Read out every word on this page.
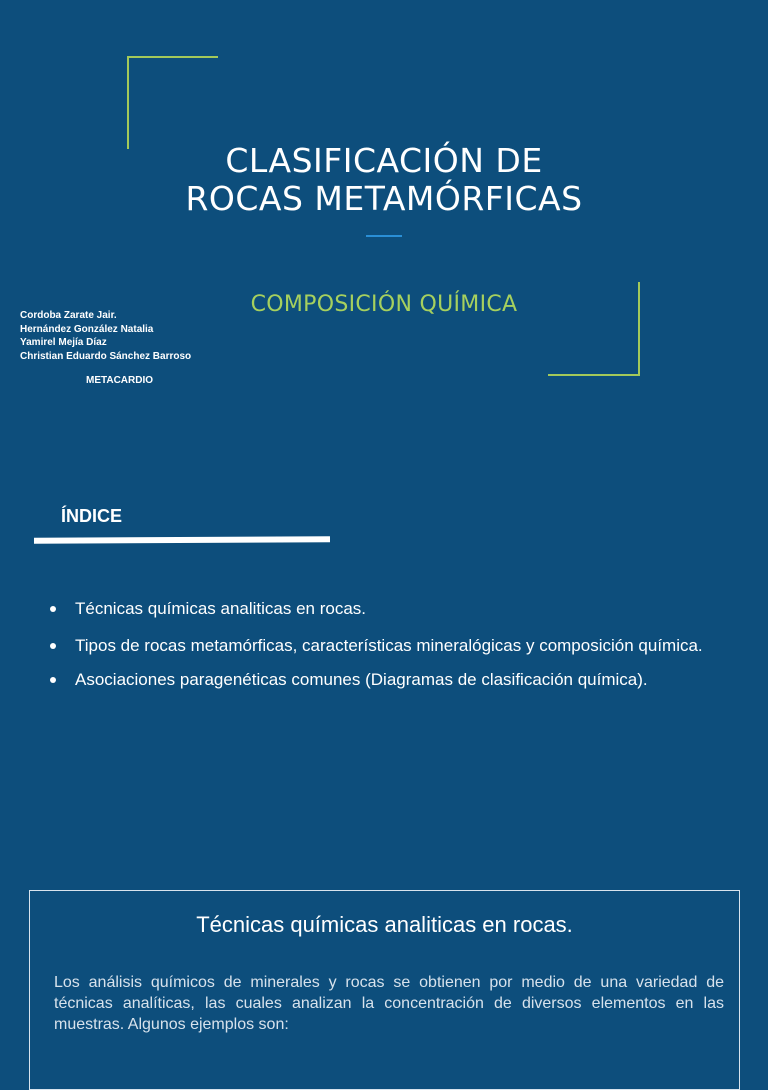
CLASIFICACIÓN DE
ROCAS METAMÓRFICAS
COMPOSICIÓN QUÍMICA
Cordoba Zarate Jair.
Hernández González Natalia
Yamirel Mejía Díaz
Christian Eduardo Sánchez Barroso
METACARDIO
ÍNDICE
Técnicas químicas analiticas en rocas.
Tipos de rocas metamórficas, características mineralógicas y composición química.
Asociaciones paragenéticas comunes (Diagramas de clasificación química).
Técnicas químicas analiticas en rocas.
Los análisis químicos de minerales y rocas se obtienen por medio de una variedad de técnicas analíticas, las cuales analizan la concentración de diversos elementos en las muestras. Algunos ejemplos son:
